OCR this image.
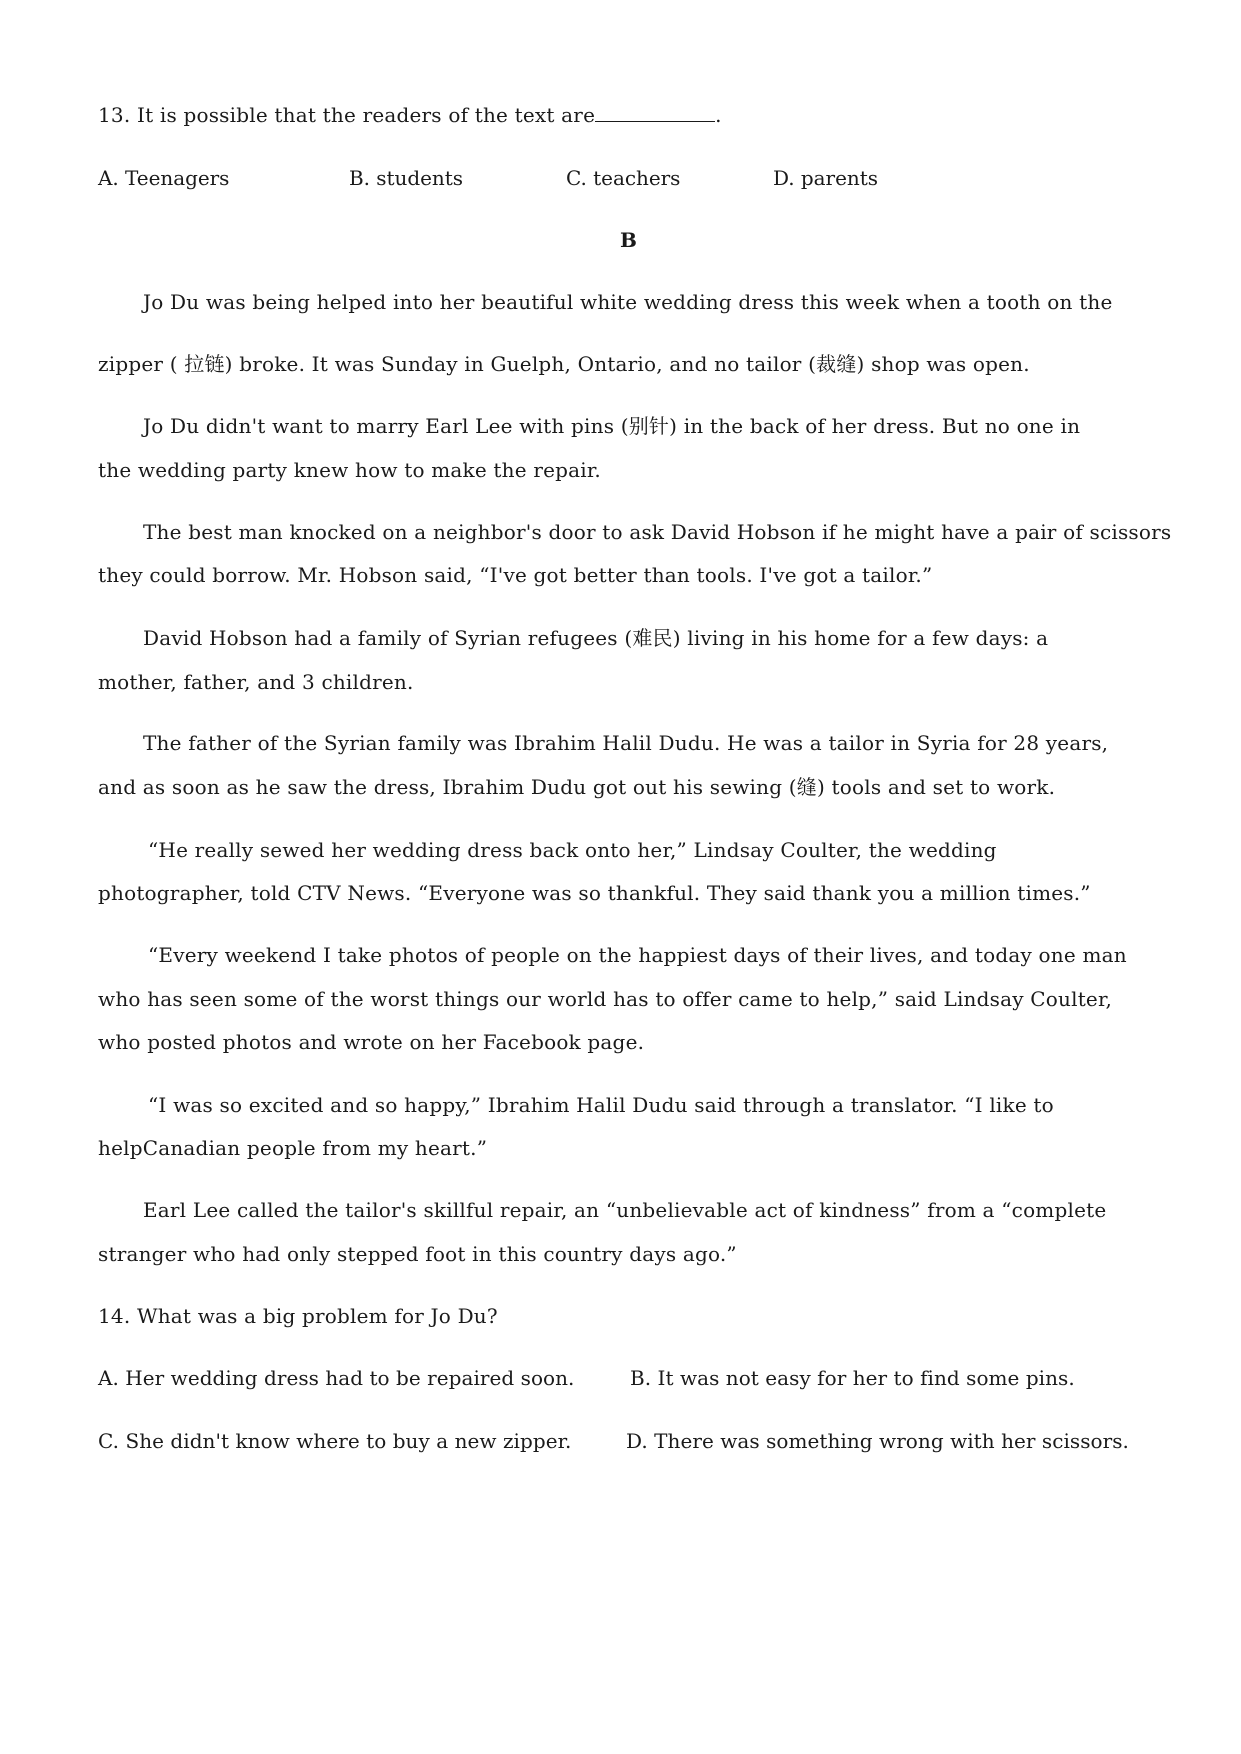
13. It is possible that the readers of the text are	.
A. Teenagers	B. students	C. teachers	D. parents
B
Jo Du was being helped into her beautiful white wedding dress this week when a tooth on the
zipper ( 拉链) broke. It was Sunday in Guelph, Ontario, and no tailor (裁缝) shop was open.
Jo Du didn't want to marry Earl Lee with pins (别针) in the back of her dress. But no one in
the wedding party knew how to make the repair.
The best man knocked on a neighbor's door to ask David Hobson if he might have a pair of scissors
they could borrow. Mr. Hobson said, “I've got better than tools. I've got a tailor.”
David Hobson had a family of Syrian refugees (难民) living in his home for a few days: a
mother, father, and 3 children.
The father of the Syrian family was Ibrahim Halil Dudu. He was a tailor in Syria for 28 years,
and as soon as he saw the dress, Ibrahim Dudu got out his sewing (缝) tools and set to work.
“He really sewed her wedding dress back onto her,” Lindsay Coulter, the wedding
photographer, told CTV News. “Everyone was so thankful. They said thank you a million times.”
“Every weekend I take photos of people on the happiest days of their lives, and today one man
who has seen some of the worst things our world has to offer came to help,” said Lindsay Coulter,
who posted photos and wrote on her Facebook page.
“I was so excited and so happy,” Ibrahim Halil Dudu said through a translator. “I like to
helpCanadian people from my heart.”
Earl Lee called the tailor's skillful repair, an “unbelievable act of kindness” from a “complete
stranger who had only stepped foot in this country days ago.”
14. What was a big problem for Jo Du?
A. Her wedding dress had to be repaired soon.	B. It was not easy for her to find some pins.
C. She didn't know where to buy a new zipper.	D. There was something wrong with her scissors.
